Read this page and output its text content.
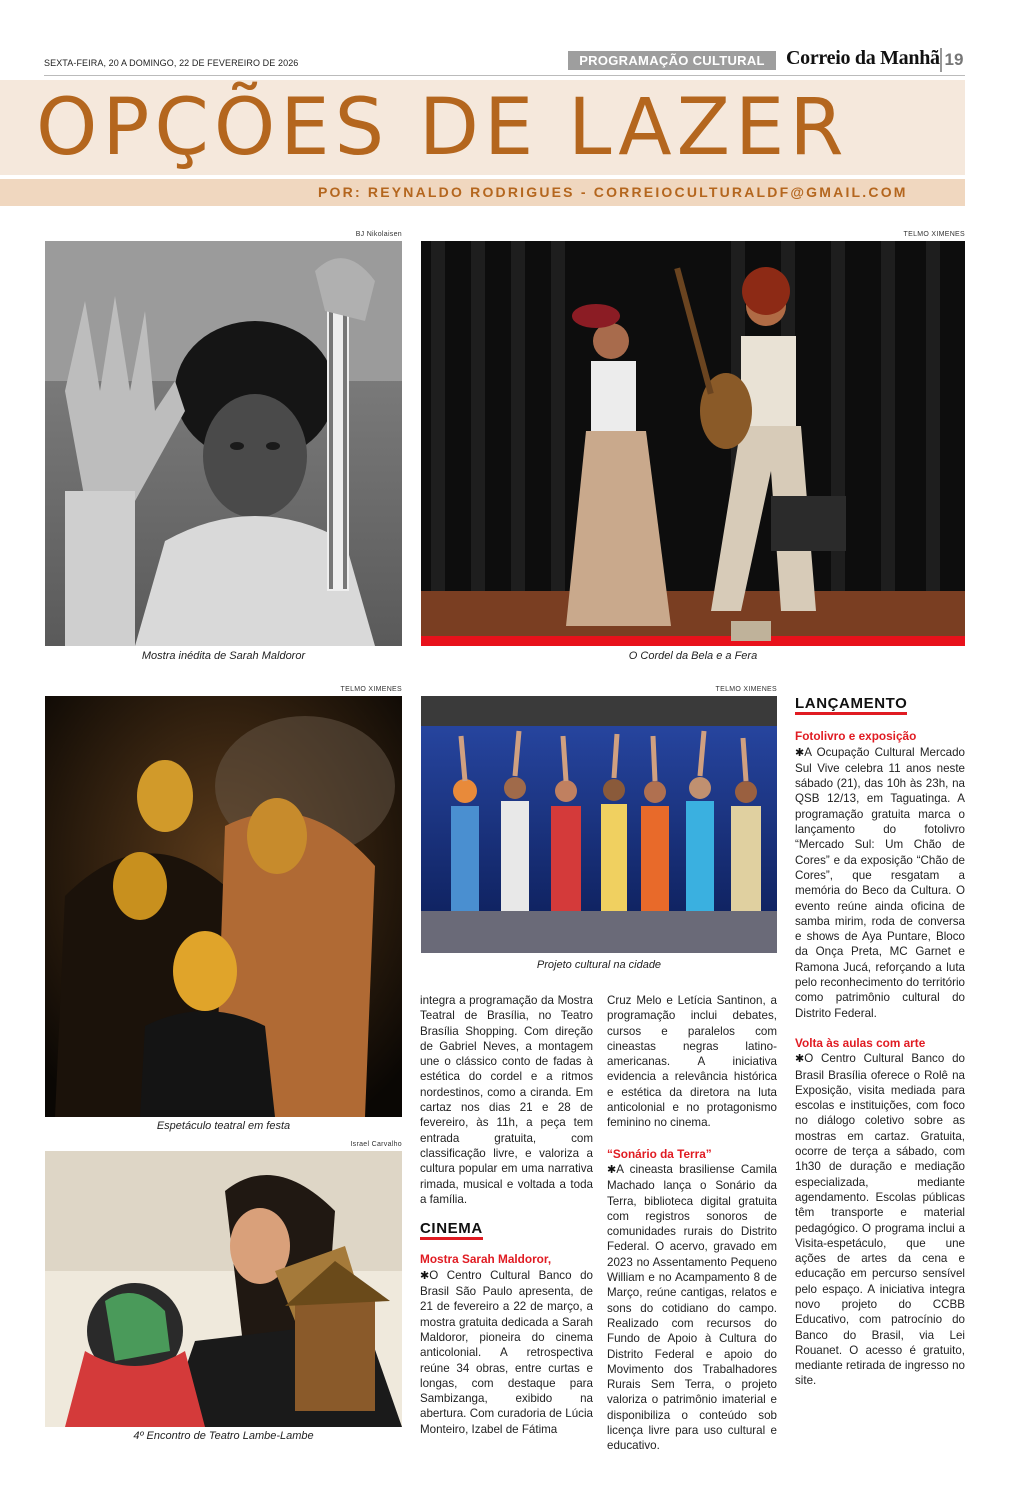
SEXTA-FEIRA, 20 A DOMINGO, 22 DE FEVEREIRO DE 2026	PROGRAMAÇÃO CULTURAL	Correio da Manhã 19
OPÇÕES DE LAZER
POR: REYNALDO RODRIGUES - CORREIOCULTURALDF@GMAIL.COM
BJ Nikolaisen
Mostra inédita de Sarah Maldoror
TELMO XIMENES
O Cordel da Bela e a Fera
TELMO XIMENES
Espetáculo teatral em festa
TELMO XIMENES
Projeto cultural na cidade
Israel Carvalho
4º Encontro de Teatro Lambe-Lambe

integra a programação da Mostra Teatral de Brasília, no Teatro Brasília Shopping. Com direção de Gabriel Neves, a montagem une o clássico conto de fadas à estética do cordel e a ritmos nordestinos, como a ciranda. Em cartaz nos dias 21 e 28 de fevereiro, às 11h, a peça tem entrada gratuita, com classificação livre, e valoriza a cultura popular em uma narrativa rimada, musical e voltada a toda a família.

CINEMA
Mostra Sarah Maldoror,

✱O Centro Cultural Banco do Brasil São Paulo apresenta, de 21 de fevereiro a 22 de março, a mostra gratuita dedicada a Sarah Maldoror, pioneira do cinema anticolonial. A retrospectiva reúne 34 obras, entre curtas e longas, com destaque para Sambizanga, exibido na abertura. Com curadoria de Lúcia Monteiro, Izabel de Fátima

Cruz Melo e Letícia Santinon, a programação inclui debates, cursos e paralelos com cineastas negras latino-americanas. A iniciativa evidencia a relevância histórica e estética da diretora na luta anticolonial e no protagonismo feminino no cinema.

“Sonário da Terra”

✱A cineasta brasiliense Camila Machado lança o Sonário da Terra, biblioteca digital gratuita com registros sonoros de comunidades rurais do Distrito Federal. O acervo, gravado em 2023 no Assentamento Pequeno William e no Acampamento 8 de Março, reúne cantigas, relatos e sons do cotidiano do campo. Realizado com recursos do Fundo de Apoio à Cultura do Distrito Federal e apoio do Movimento dos Trabalhadores Rurais Sem Terra, o projeto valoriza o patrimônio imaterial e disponibiliza o conteúdo sob licença livre para uso cultural e educativo.

LANÇAMENTO
Fotolivro e exposição

✱A Ocupação Cultural Mercado Sul Vive celebra 11 anos neste sábado (21), das 10h às 23h, na QSB 12/13, em Taguatinga. A programação gratuita marca o lançamento do fotolivro “Mercado Sul: Um Chão de Cores” e da exposição “Chão de Cores”, que resgatam a memória do Beco da Cultura. O evento reúne ainda oficina de samba mirim, roda de conversa e shows de Aya Puntare, Bloco da Onça Preta, MC Garnet e Ramona Jucá, reforçando a luta pelo reconhecimento do território como patrimônio cultural do Distrito Federal.

Volta às aulas com arte

✱O Centro Cultural Banco do Brasil Brasília oferece o Rolê na Exposição, visita mediada para escolas e instituições, com foco no diálogo coletivo sobre as mostras em cartaz. Gratuita, ocorre de terça a sábado, com 1h30 de duração e mediação especializada, mediante agendamento. Escolas públicas têm transporte e material pedagógico. O programa inclui a Visita-espetáculo, que une ações de artes da cena e educação em percurso sensível pelo espaço. A iniciativa integra novo projeto do CCBB Educativo, com patrocínio do Banco do Brasil, via Lei Rouanet. O acesso é gratuito, mediante retirada de ingresso no site.
